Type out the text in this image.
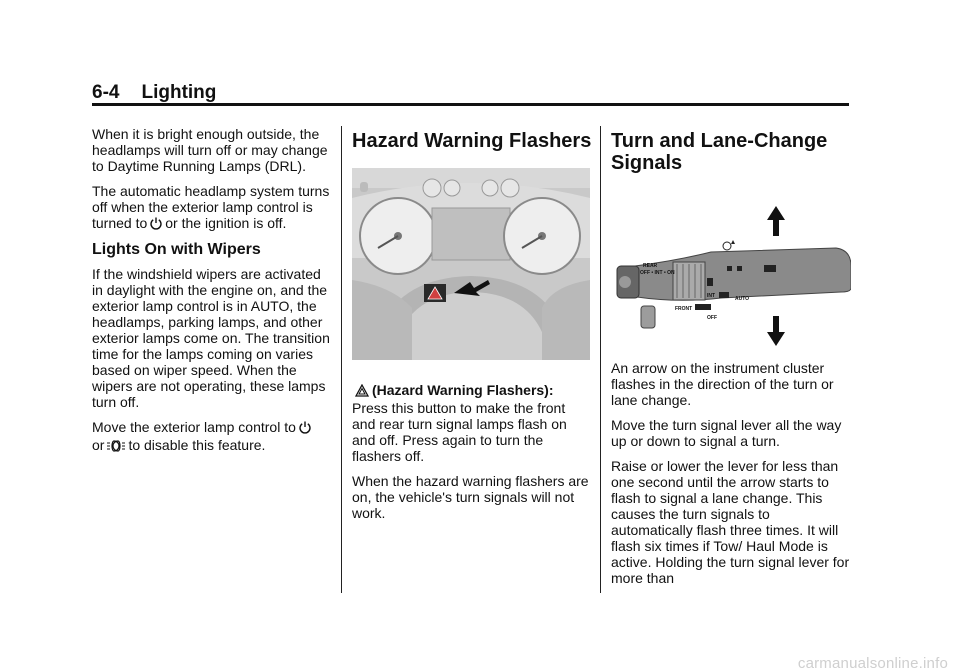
6-4 Lighting

When it is bright enough outside, the headlamps will turn off or may change to Daytime Running Lamps (DRL).

The automatic headlamp system turns off when the exterior lamp control is turned to or the ignition is off.

Lights On with Wipers

If the windshield wipers are activated in daylight with the engine on, and the exterior lamp control is in AUTO, the headlamps, parking lamps, and other exterior lamps come on. The transition time for the lamps coming on varies based on wiper speed. When the wipers are not operating, these lamps turn off.

Move the exterior lamp control to
or to disable this feature.

Hazard Warning Flashers

(Hazard Warning Flashers):
Press this button to make the front and rear turn signal lamps flash on and off. Press again to turn the flashers off.

When the hazard warning flashers are on, the vehicle's turn signals will not work.

Turn and Lane-Change Signals
REAR
OFF • INT • ON
FRONT
INT	AUTO
OFF

An arrow on the instrument cluster flashes in the direction of the turn or lane change.

Move the turn signal lever all the way up or down to signal a turn.

Raise or lower the lever for less than one second until the arrow starts to flash to signal a lane change. This causes the turn signals to automatically flash three times. It will flash six times if Tow/ Haul Mode is active. Holding the turn signal lever for more than

carmanualsonline.info
